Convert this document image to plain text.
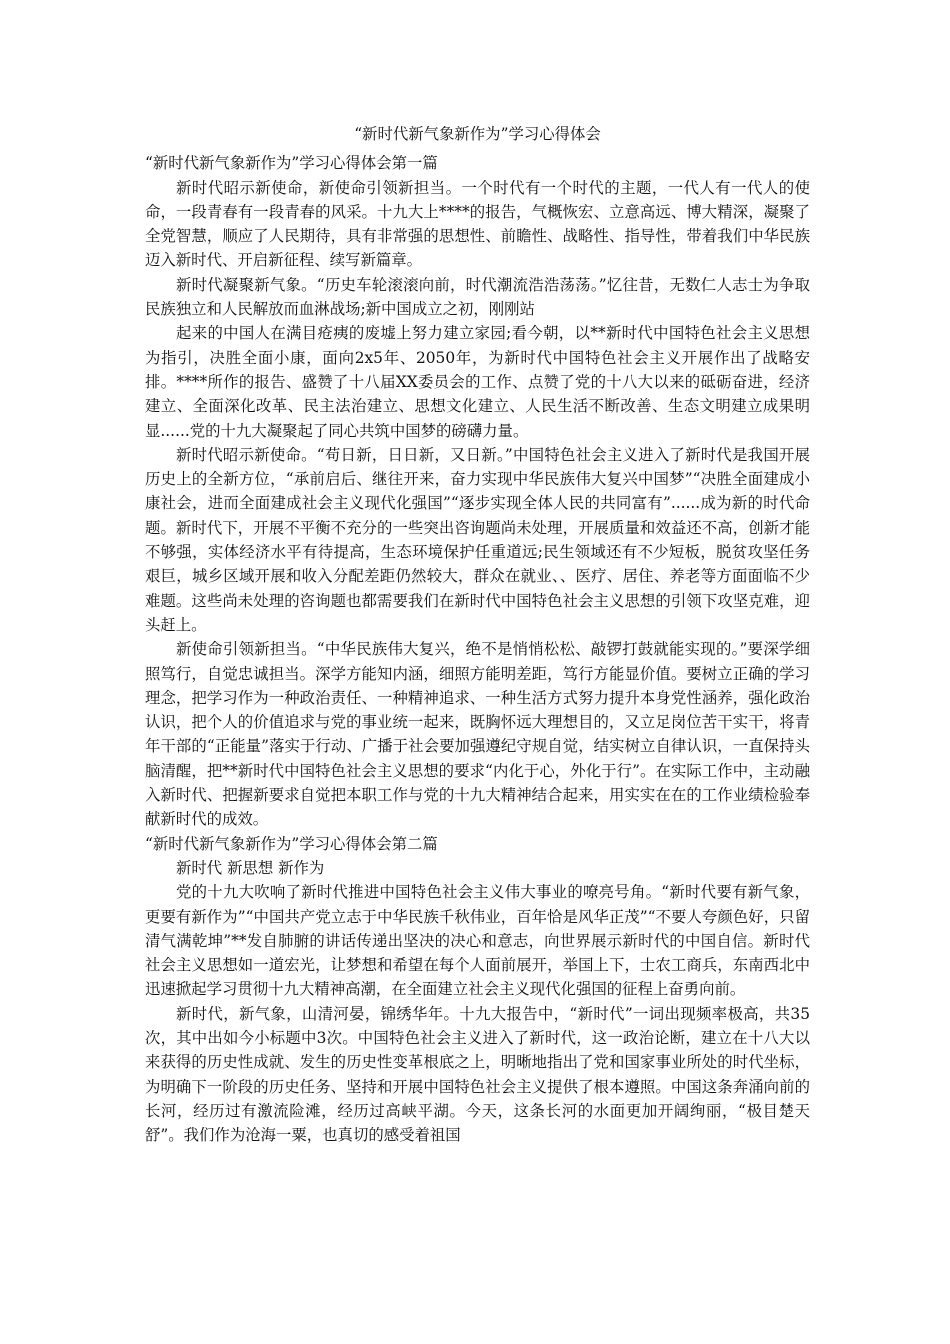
“新时代新气象新作为”学习心得体会

“新时代新气象新作为”学习心得体会第一篇

新时代昭示新使命，新使命引领新担当。一个时代有一个时代的主题，一代人有一代人的使命，一段青春有一段青春的风采。十九大上****的报告，气概恢宏、立意高远、博大精深，凝聚了全党智慧，顺应了人民期待，具有非常强的思想性、前瞻性、战略性、指导性，带着我们中华民族迈入新时代、开启新征程、续写新篇章。

新时代凝聚新气象。“历史车轮滚滚向前，时代潮流浩浩荡荡。”忆往昔，无数仁人志士为争取民族独立和人民解放而血淋战场;新中国成立之初，刚刚站

起来的中国人在满目疮痍的废墟上努力建立家园;看今朝，以**新时代中国特色社会主义思想为指引，决胜全面小康，面向2x5年、2050年，为新时代中国特色社会主义开展作出了战略安排。****所作的报告、盛赞了十八届XX委员会的工作、点赞了党的十八大以来的砥砺奋进，经济建立、全面深化改革、民主法治建立、思想文化建立、人民生活不断改善、生态文明建立成果明显......党的十九大凝聚起了同心共筑中国梦的磅礴力量。

新时代昭示新使命。“苟日新，日日新，又日新。”中国特色社会主义进入了新时代是我国开展历史上的全新方位，“承前启后、继往开来，奋力实现中华民族伟大复兴中国梦”“决胜全面建成小康社会，进而全面建成社会主义现代化强国”“逐步实现全体人民的共同富有”......成为新的时代命题。新时代下，开展不平衡不充分的一些突出咨询题尚未处理，开展质量和效益还不高，创新才能不够强，实体经济水平有待提高，生态环境保护任重道远;民生领域还有不少短板，脱贫攻坚任务艰巨，城乡区域开展和收入分配差距仍然较大，群众在就业、、医疗、居住、养老等方面面临不少难题。这些尚未处理的咨询题也都需要我们在新时代中国特色社会主义思想的引领下攻坚克难，迎头赶上。

新使命引领新担当。“中华民族伟大复兴，绝不是悄悄松松、敲锣打鼓就能实现的。”要深学细照笃行，自觉忠诚担当。深学方能知内涵，细照方能明差距，笃行方能显价值。要树立正确的学习理念，把学习作为一种政治责任、一种精神追求、一种生活方式努力提升本身党性涵养，强化政治认识，把个人的价值追求与党的事业统一起来，既胸怀远大理想目的，又立足岗位苦干实干，将青年干部的“正能量”落实于行动、广播于社会要加强遵纪守规自觉，结实树立自律认识，一直保持头脑清醒，把**新时代中国特色社会主义思想的要求“内化于心，外化于行”。在实际工作中，主动融入新时代、把握新要求自觉把本职工作与党的十九大精神结合起来，用实实在在的工作业绩检验奉献新时代的成效。

“新时代新气象新作为”学习心得体会第二篇

新时代 新思想 新作为

党的十九大吹响了新时代推进中国特色社会主义伟大事业的嘹亮号角。“新时代要有新气象，更要有新作为”“中国共产党立志于中华民族千秋伟业，百年恰是风华正茂”“不要人夸颜色好，只留清气满乾坤”**发自肺腑的讲话传递出坚决的决心和意志，向世界展示新时代的中国自信。新时代社会主义思想如一道宏光，让梦想和希望在每个人面前展开，举国上下，士农工商兵，东南西北中迅速掀起学习贯彻十九大精神高潮，在全面建立社会主义现代化强国的征程上奋勇向前。

新时代，新气象，山清河晏，锦绣华年。十九大报告中，“新时代”一词出现频率极高，共35次，其中出如今小标题中3次。中国特色社会主义进入了新时代，这一政治论断，建立在十八大以来获得的历史性成就、发生的历史性变革根底之上，明晰地指出了党和国家事业所处的时代坐标，为明确下一阶段的历史任务、坚持和开展中国特色社会主义提供了根本遵照。中国这条奔涌向前的长河，经历过有激流险滩，经历过高峡平湖。今天，这条长河的水面更加开阔绚丽，“极目楚天舒”。我们作为沧海一粟，也真切的感受着祖国
